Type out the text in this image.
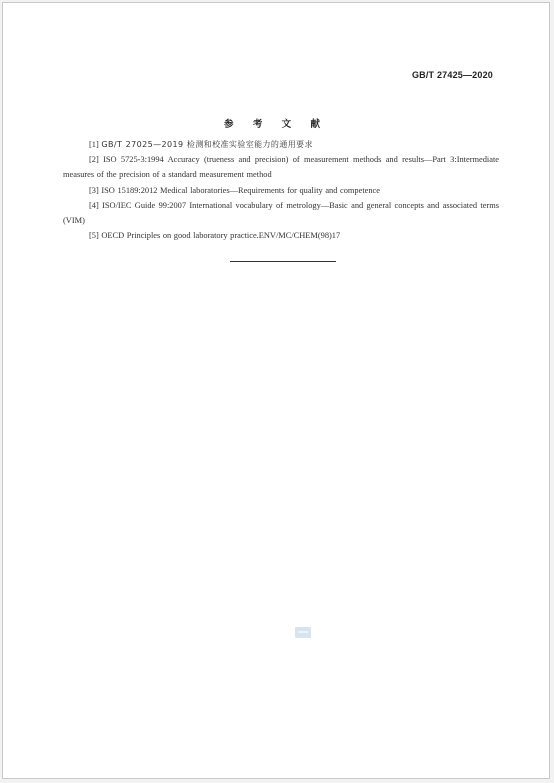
GB/T 27425—2020
参 考 文 献

[1] GB/T 27025—2019 检测和校准实验室能力的通用要求

[2] ISO 5725-3:1994 Accuracy (trueness and precision) of measurement methods and results—Part 3:Intermediate measures of the precision of a standard measurement method

[3] ISO 15189:2012 Medical laboratories—Requirements for quality and competence

[4] ISO/IEC Guide 99:2007 International vocabulary of metrology—Basic and general concepts and associated terms (VIM)

[5] OECD Principles on good laboratory practice.ENV/MC/CHEM(98)17
